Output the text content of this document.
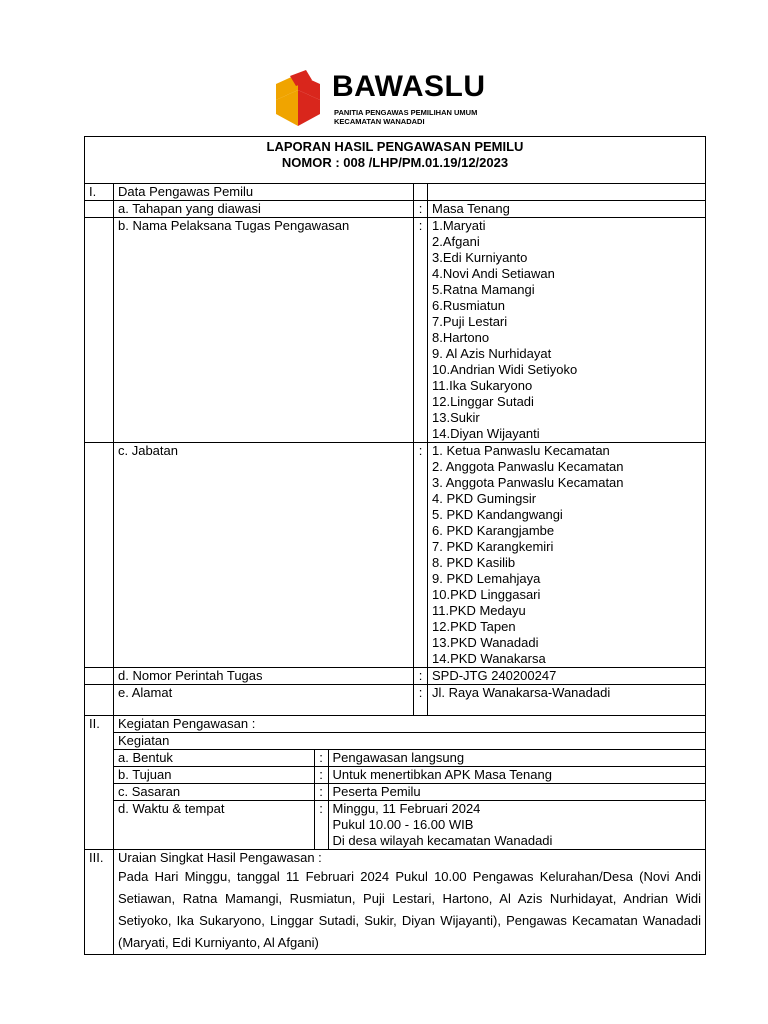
BAWASLU
PANITIA PENGAWAS PEMILIHAN UMUM
KECAMATAN WANADADI
LAPORAN HASIL PENGAWASAN PEMILU
NOMOR : 008 /LHP/PM.01.19/12/2023

I.	Data Pengawas Pemilu		
	a. Tahapan yang diawasi	:	Masa Tenang
	b. Nama Pelaksana Tugas Pengawasan	:	1.Maryati
2.Afgani
3.Edi Kurniyanto
4.Novi Andi Setiawan
5.Ratna Mamangi
6.Rusmiatun
7.Puji Lestari
8.Hartono
9. Al Azis Nurhidayat
10.Andrian Widi Setiyoko
11.Ika Sukaryono
12.Linggar Sutadi
13.Sukir
14.Diyan Wijayanti

	c. Jabatan	:	1. Ketua Panwaslu Kecamatan
2. Anggota Panwaslu Kecamatan
3. Anggota Panwaslu Kecamatan
4. PKD Gumingsir
5. PKD Kandangwangi
6. PKD Karangjambe
7. PKD Karangkemiri
8. PKD Kasilib
9. PKD Lemahjaya
10.PKD Linggasari
11.PKD Medayu
12.PKD Tapen
13.PKD Wanadadi
14.PKD Wanakarsa

	d. Nomor Perintah Tugas	:	SPD-JTG 240200247
	e. Alamat	:	Jl. Raya Wanakarsa-Wanadadi
II.	Kegiatan Pengawasan :
Kegiatan
a. Bentuk	:	Pengawasan langsung
b. Tujuan	:	Untuk menertibkan APK Masa Tenang
c. Sasaran	:	Peserta Pemilu
d. Waktu & tempat	:	Minggu, 11 Februari 2024
Pukul 10.00 - 16.00 WIB
Di desa wilayah kecamatan Wanadadi

III.	Uraian Singkat Hasil Pengawasan :
Pada Hari Minggu, tanggal 11 Februari 2024 Pukul 10.00 Pengawas Kelurahan/Desa (Novi Andi Setiawan, Ratna Mamangi, Rusmiatun, Puji Lestari, Hartono, Al Azis Nurhidayat, Andrian Widi Setiyoko, Ika Sukaryono, Linggar Sutadi, Sukir, Diyan Wijayanti), Pengawas Kecamatan Wanadadi (Maryati, Edi Kurniyanto, Al Afgani)
